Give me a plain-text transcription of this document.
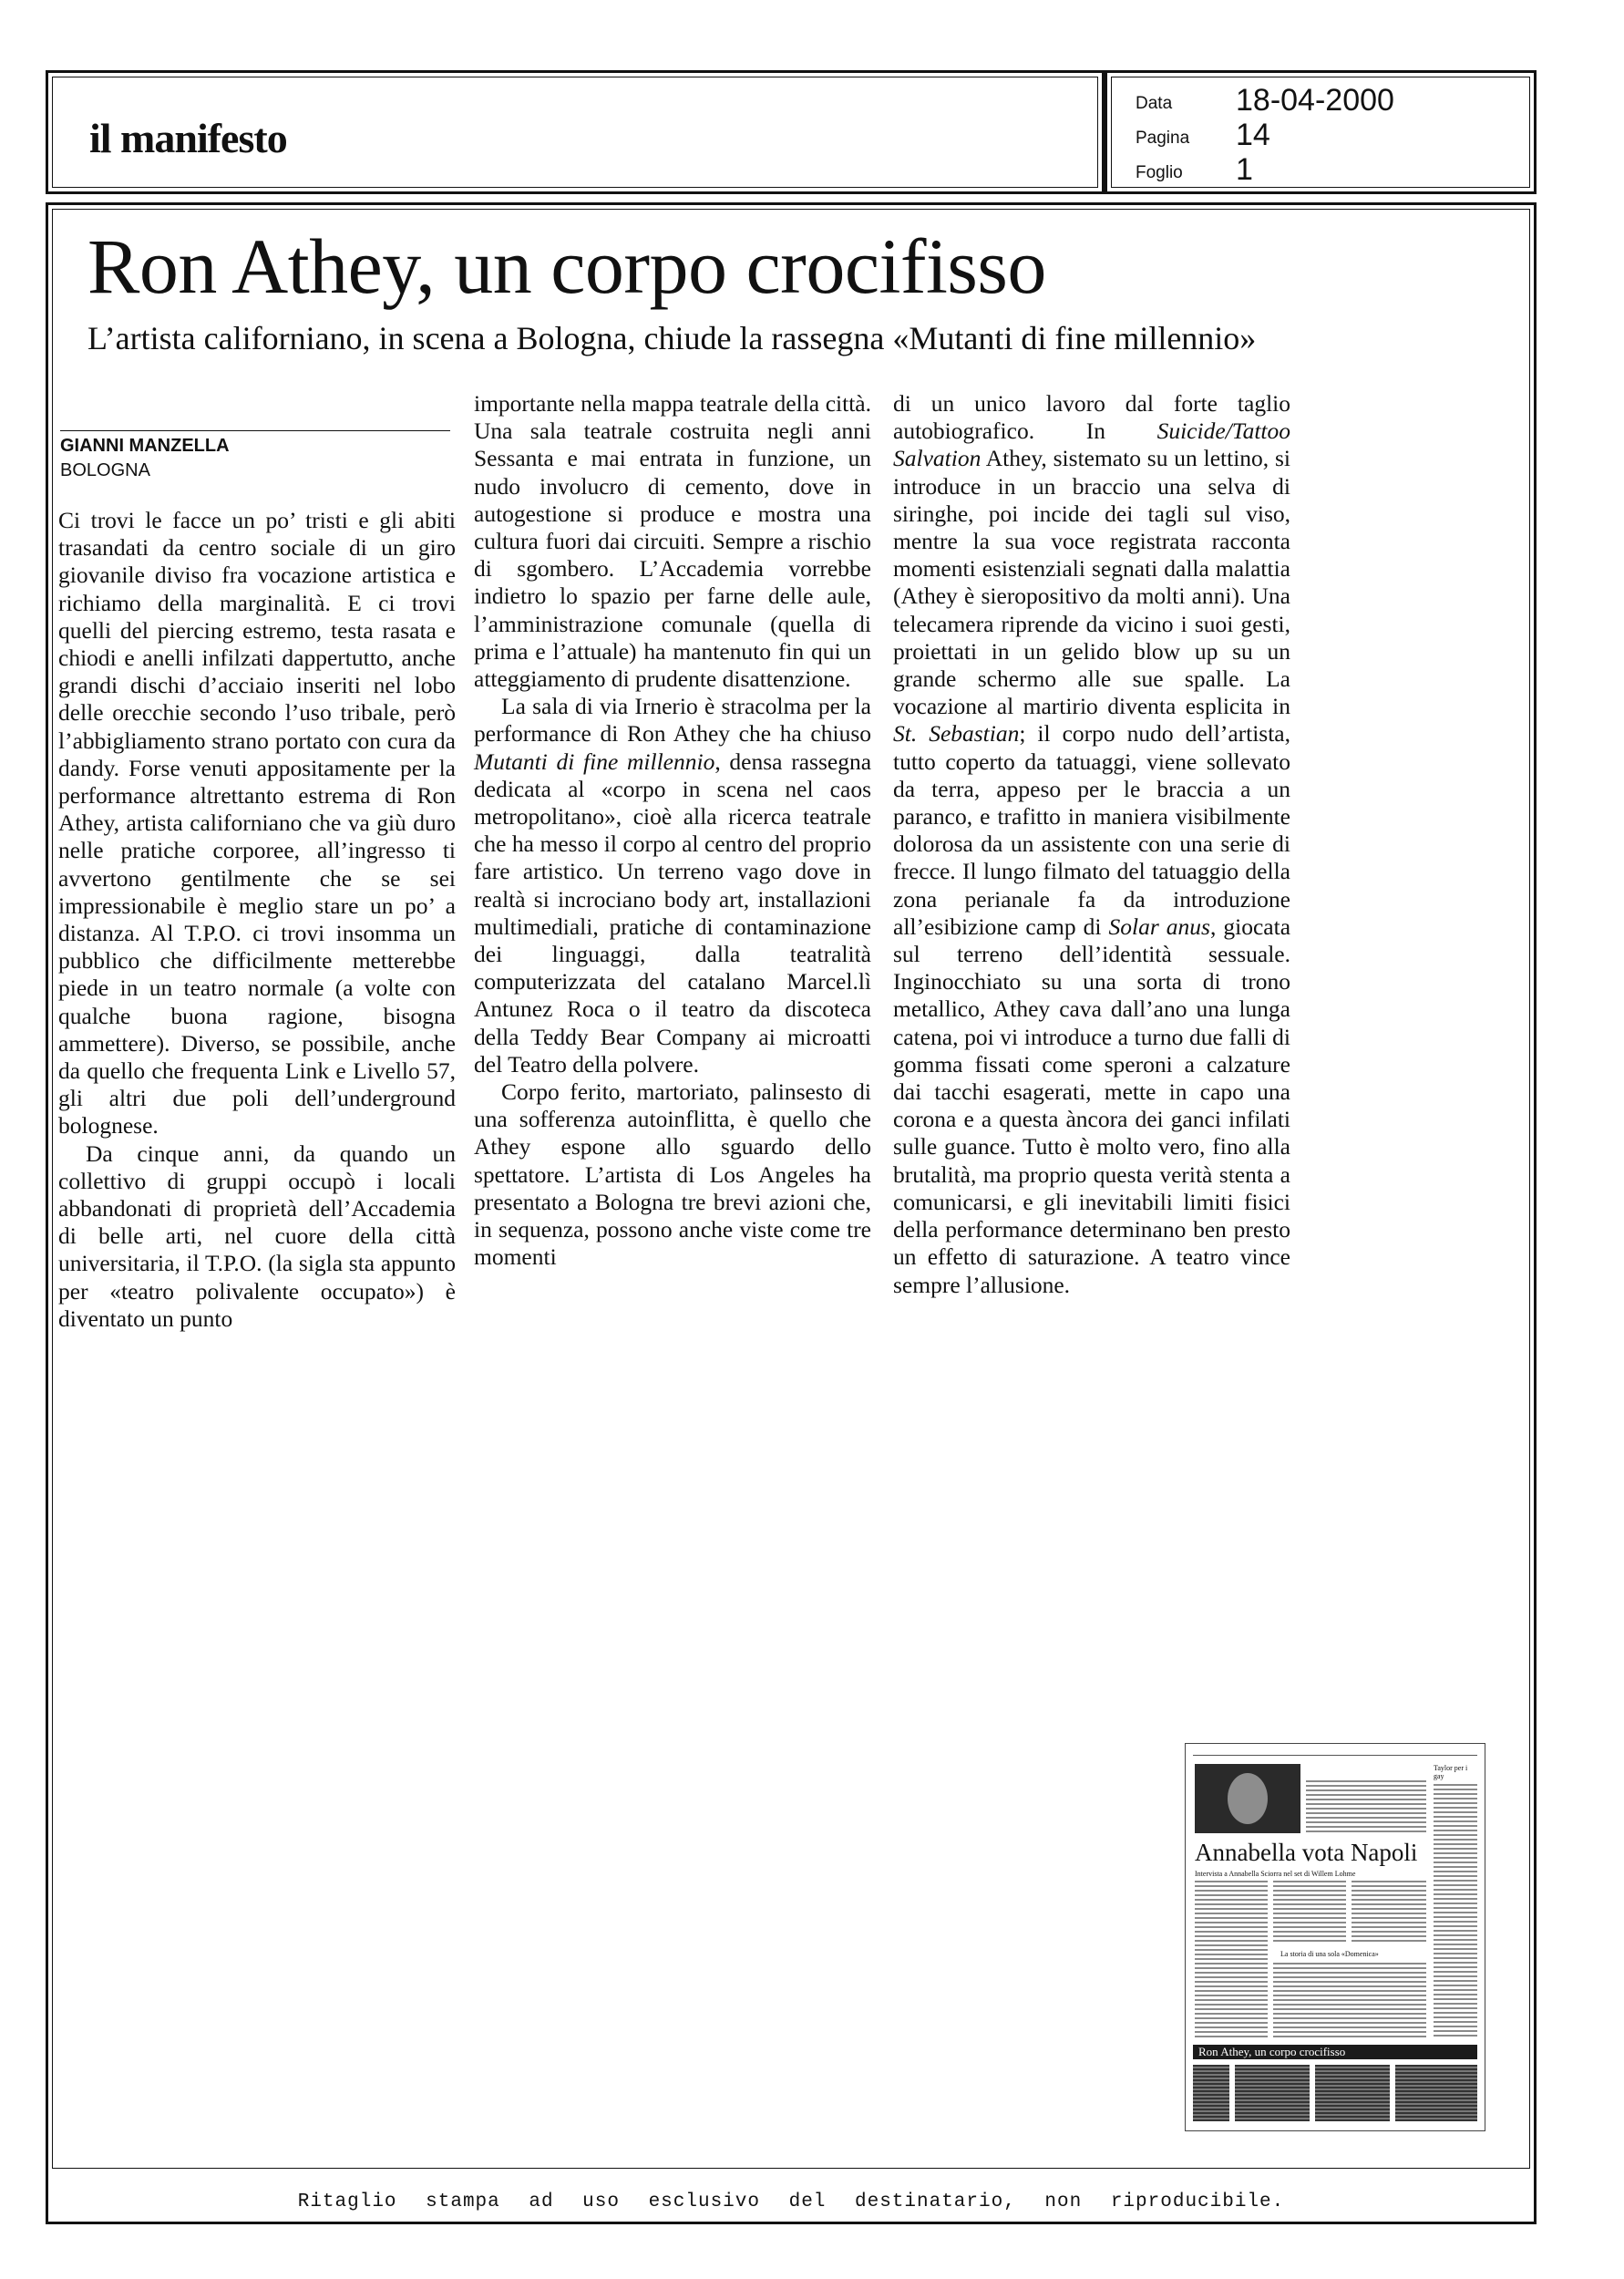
il manifesto
Data 18-04-2000
Pagina 14
Foglio 1
Ritaglio stampa ad uso esclusivo del destinatario, non riproducibile.
Ron Athey, un corpo crocifisso
L’artista californiano, in scena a Bologna, chiude la rassegna «Mutanti di fine millennio»
GIANNI MANZELLA
BOLOGNA

Ci trovi le facce un po’ tristi e gli abiti trasandati da centro sociale di un giro giovanile diviso fra vocazione artistica e richiamo della marginalità. E ci trovi quelli del piercing estremo, testa rasata e chiodi e anelli infilzati dappertutto, anche grandi dischi d’acciaio inseriti nel lobo delle orecchie secondo l’uso tribale, però l’abbigliamento strano portato con cura da dandy. Forse venuti appositamente per la performance altrettanto estrema di Ron Athey, artista californiano che va giù duro nelle pratiche corporee, all’ingresso ti avvertono gentilmente che se sei impressionabile è meglio stare un po’ a distanza. Al T.P.O. ci trovi insomma un pubblico che difficilmente metterebbe piede in un teatro normale (a volte con qualche buona ragione, bisogna ammetterе). Diverso, se possibile, anche da quello che frequenta Link e Livello 57, gli altri due poli dell’underground bolognese.

Da cinque anni, da quando un collettivo di gruppi occupò i locali abbandonati di proprietà dell’Accademia di belle arti, nel cuore della città universitaria, il T.P.O. (la sigla sta appunto per «teatro polivalente occupato») è diventato un punto

importante nella mappa teatrale della città. Una sala teatrale costruita negli anni Sessanta e mai entrata in funzione, un nudo involucro di cemento, dove in autogestione si produce e mostra una cultura fuori dai circuiti. Sempre a rischio di sgombero. L’Accademia vorrebbe indietro lo spazio per farne delle aule, l’amministrazione comunale (quella di prima e l’attuale) ha mantenuto fin qui un atteggiamento di prudente disattenzione.

La sala di via Irnerio è stracolma per la performance di Ron Athey che ha chiuso Mutanti di fine millennio, densa rassegna dedicata al «corpo in scena nel caos metropolitano», cioè alla ricerca teatrale che ha messo il corpo al centro del proprio fare artistico. Un terreno vago dove in realtà si incrociano body art, installazioni multimediali, pratiche di contaminazione dei linguaggi, dalla teatralità computerizzata del catalano Marcel.lì Antunez Roca o il teatro da discoteca della Teddy Bear Company ai microatti del Teatro della polvere.

Corpo ferito, martoriato, palinsesto di una sofferenza autoinflitta, è quello che Athey espone allo sguardo dello spettatore. L’artista di Los Angeles ha presentato a Bologna tre brevi azioni che, in sequenza, possono anche viste come tre momenti

di un unico lavoro dal forte taglio autobiografico. In Suicide/Tattoo Salvation Athey, sistemato su un lettino, si introduce in un braccio una selva di siringhe, poi incide dei tagli sul viso, mentre la sua voce registrata racconta momenti esistenziali segnati dalla malattia (Athey è sieropositivo da molti anni). Una telecamera riprende da vicino i suoi gesti, proiettati in un gelido blow up su un grande schermo alle sue spalle. La vocazione al martirio diventa esplicita in St. Sebastian; il corpo nudo dell’artista, tutto coperto da tatuaggi, viene sollevato da terra, appeso per le braccia a un paranco, e trafitto in maniera visibilmente dolorosa da un assistente con una serie di frecce. Il lungo filmato del tatuaggio della zona perianale fa da introduzione all’esibizione camp di Solar anus, giocata sul terreno dell’identità sessuale. Inginocchiato su una sorta di trono metallico, Athey cava dall’ano una lunga catena, poi vi introduce a turno due falli di gomma fissati come speroni a calzature dai tacchi esagerati, mette in capo una corona e a questa àncora dei ganci infilati sulle guance. Tutto è molto vero, fino alla brutalità, ma proprio questa verità stenta a comunicarsi, e gli inevitabili limiti fisici della performance determinano ben presto un effetto di saturazione. A teatro vince sempre l’allusione.

Taylor per i gay
Annabella vota Napoli
Intervista a Annabella Sciorra nel set di Willem Lohme
La storia di una sola «Domenica»
Ron Athey, un corpo crocifisso
